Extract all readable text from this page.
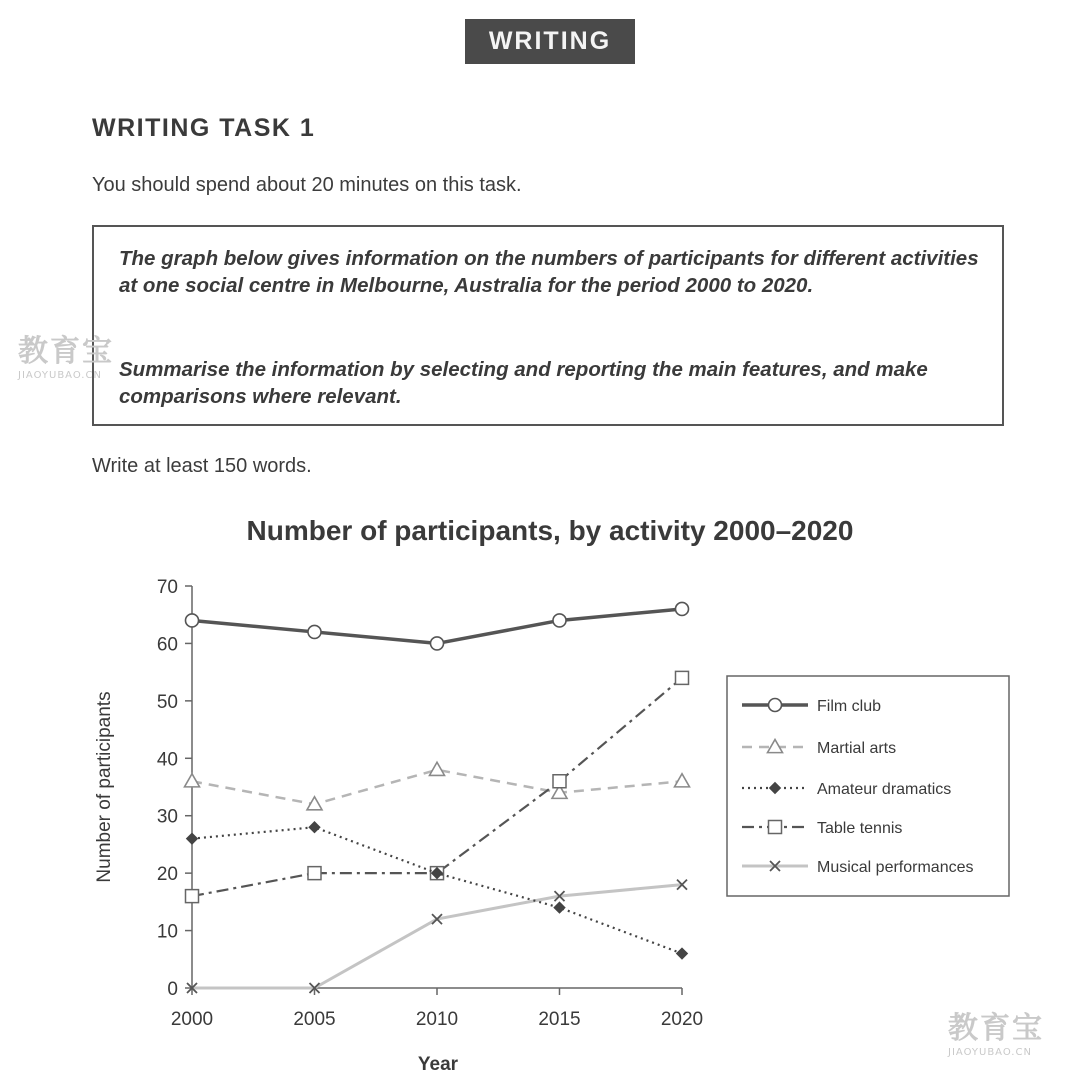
WRITING
WRITING TASK 1
You should spend about 20 minutes on this task.
The graph below gives information on the numbers of participants for different activities at one social centre in Melbourne, Australia for the period 2000 to 2020.
Summarise the information by selecting and reporting the main features, and make comparisons where relevant.
Write at least 150 words.
教育宝
JIAOYUBAO.CN
教育宝
JIAOYUBAO.CN
Number of participants, by activity 2000–2020
Year
Number of participants
0
10
20
30
40
50
60
70
2000	2005	2010	2015	2020
Film club
Martial arts
Amateur dramatics
Table tennis
Musical performances
